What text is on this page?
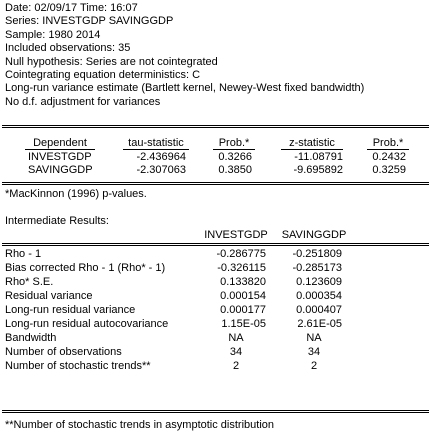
Date: 02/09/17 Time: 16:07
Series: INVESTGDP SAVINGGDP
Sample: 1980 2014
Included observations: 35
Null hypothesis: Series are not cointegrated
Cointegrating equation deterministics: C
Long-run variance estimate (Bartlett kernel, Newey-West fixed bandwidth)
No d.f. adjustment for variances
Dependent	tau-statistic	Prob.*	z-statistic	Prob.*
INVESTGDP	-2.436964	0.3266	-11.08791	0.2432
SAVINGGDP	-2.307063	0.3850	-9.695892	0.3259
*MacKinnon (1996) p-values.
Intermediate Results:
INVESTGDP	SAVINGGDP
Rho - 1	-0.286775	-0.251809
Bias corrected Rho - 1 (Rho* - 1)	-0.326115	-0.285173
Rho* S.E.	0.133820	0.123609
Residual variance	0.000154	0.000354
Long-run residual variance	0.000177	0.000407
Long-run residual autocovariance	1.15E-05	2.61E-05
Bandwidth	NA	NA
Number of observations	34	34
Number of stochastic trends**	2	2
**Number of stochastic trends in asymptotic distribution
